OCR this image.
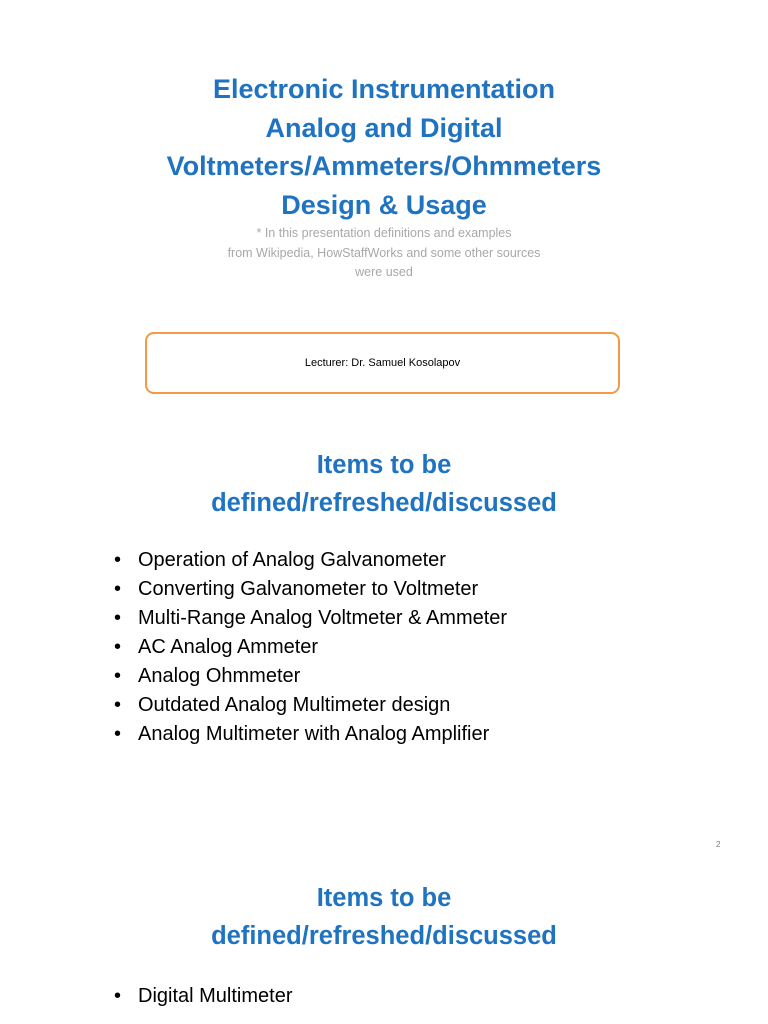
Electronic Instrumentation
Analog and Digital
Voltmeters/Ammeters/Ohmmeters
Design & Usage
* In this presentation definitions and examples
from Wikipedia, HowStaffWorks and some other sources
were used
Lecturer: Dr. Samuel Kosolapov
Items to be
defined/refreshed/discussed
• Operation of Analog Galvanometer
• Converting Galvanometer to Voltmeter
• Multi-Range Analog Voltmeter & Ammeter
• AC Analog Ammeter
• Analog Ohmmeter
• Outdated Analog Multimeter design
• Analog Multimeter with Analog Amplifier
2
Items to be
defined/refreshed/discussed
• Digital Multimeter
